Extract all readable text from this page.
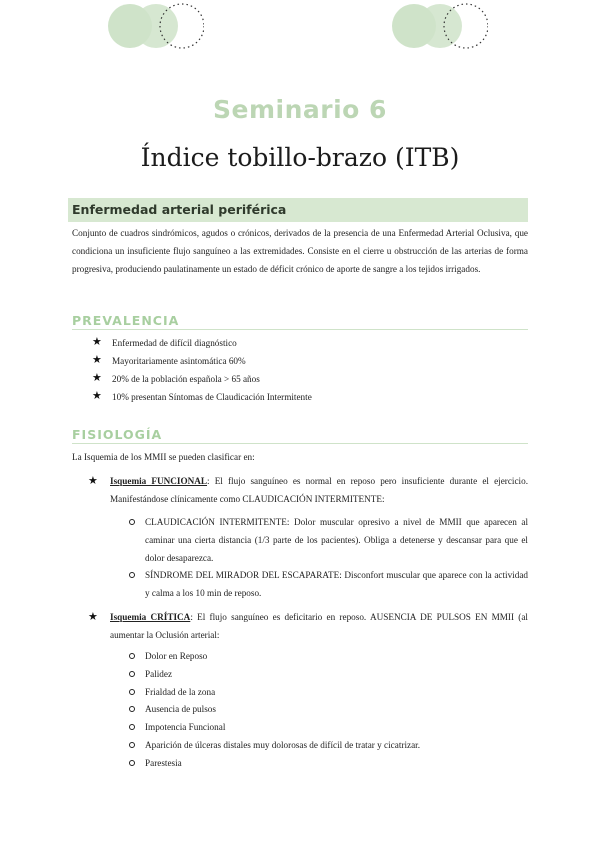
Seminario 6
Índice tobillo-brazo (ITB)
Enfermedad arterial periférica
Conjunto de cuadros sindrómicos, agudos o crónicos, derivados de la presencia de una Enfermedad Arterial Oclusiva, que condiciona un insuficiente flujo sanguíneo a las extremidades. Consiste en el cierre u obstrucción de las arterias de forma progresiva, produciendo paulatinamente un estado de déficit crónico de aporte de sangre a los tejidos irrigados.
PREVALENCIA
★ Enfermedad de difícil diagnóstico
★ Mayoritariamente asintomática 60%
★ 20% de la población española > 65 años
★ 10% presentan Síntomas de Claudicación Intermitente
FISIOLOGÍA
La Isquemia de los MMII se pueden clasificar en:
★ Isquemia FUNCIONAL: El flujo sanguíneo es normal en reposo pero insuficiente durante el ejercicio. Manifestándose clínicamente como CLAUDICACIÓN INTERMITENTE:
CLAUDICACIÓN INTERMITENTE: Dolor muscular opresivo a nivel de MMII que aparecen al caminar una cierta distancia (1/3 parte de los pacientes). Obliga a detenerse y descansar para que el dolor desaparezca.
SÍNDROME DEL MIRADOR DEL ESCAPARATE: Disconfort muscular que aparece con la actividad y calma a los 10 min de reposo.
★ Isquemia CRÍTICA: El flujo sanguíneo es deficitario en reposo. AUSENCIA DE PULSOS EN MMII (al aumentar la Oclusión arterial:
Dolor en Reposo
Palidez
Frialdad de la zona
Ausencia de pulsos
Impotencia Funcional
Aparición de úlceras distales muy dolorosas de difícil de tratar y cicatrizar.
Parestesia
